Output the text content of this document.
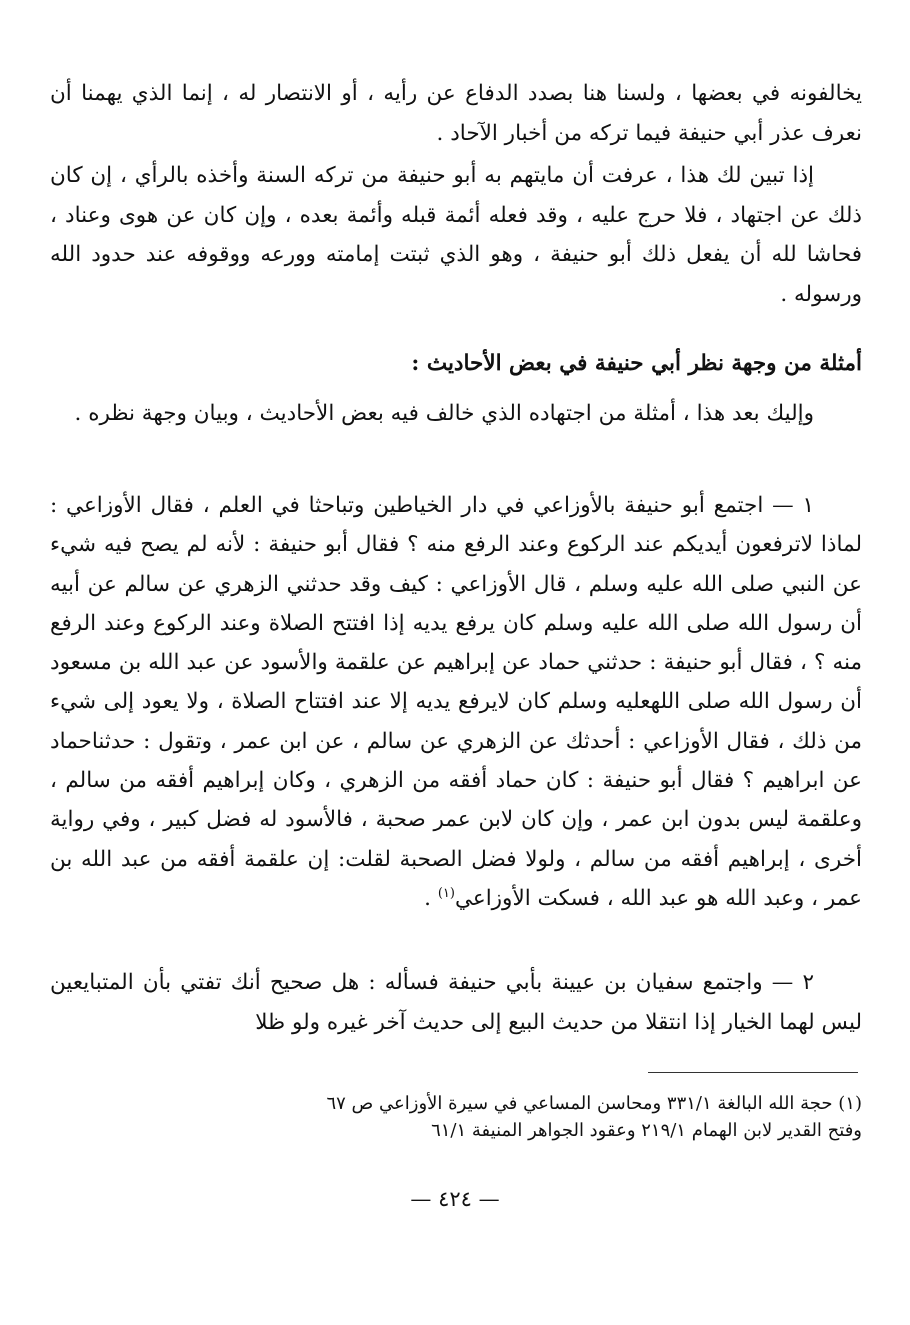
يخالفونه في بعضها ، ولسنا هنا بصدد الدفاع عن رأيه ، أو الانتصار له ، إنما الذي يهمنا أن نعرف عذر أبي حنيفة فيما تركه من أخبار الآحاد .

إذا تبين لك هذا ، عرفت أن مايتهم به أبو حنيفة من تركه السنة وأخذه بالرأي ، إن كان ذلك عن اجتهاد ، فلا حرج عليه ، وقد فعله أئمة قبله وأئمة بعده ، وإن كان عن هوى وعناد ، فحاشا لله أن يفعل ذلك أبو حنيفة ، وهو الذي ثبتت إمامته وورعه ووقوفه عند حدود الله ورسوله .

أمثلة من وجهة نظر أبي حنيفة في بعض الأحاديث :

وإليك بعد هذا ، أمثلة من اجتهاده الذي خالف فيه بعض الأحاديث ، وبيان وجهة نظره .

١ — اجتمع أبو حنيفة بالأوزاعي في دار الخياطين وتباحثا في العلم ، فقال الأوزاعي : لماذا لاترفعون أيديكم عند الركوع وعند الرفع منه ؟ فقال أبو حنيفة : لأنه لم يصح فيه شيء عن النبي صلى الله عليه وسلم ، قال الأوزاعي : كيف وقد حدثني الزهري عن سالم عن أبيه أن رسول الله صلى الله عليه وسلم كان يرفع يديه إذا افتتح الصلاة وعند الركوع وعند الرفع منه ؟ ، فقال أبو حنيفة : حدثني حماد عن إبراهيم عن علقمة والأسود عن عبد الله بن مسعود أن رسول الله صلى اللهعليه وسلم كان لايرفع يديه إلا عند افتتاح الصلاة ، ولا يعود إلى شيء من ذلك ، فقال الأوزاعي : أحدثك عن الزهري عن سالم ، عن ابن عمر ، وتقول : حدثناحماد عن ابراهيم ؟ فقال أبو حنيفة : كان حماد أفقه من الزهري ، وكان إبراهيم أفقه من سالم ، وعلقمة ليس بدون ابن عمر ، وإن كان لابن عمر صحبة ، فالأسود له فضل كبير ، وفي رواية أخرى ، إبراهيم أفقه من سالم ، ولولا فضل الصحبة لقلت: إن علقمة أفقه من عبد الله بن عمر ، وعبد الله هو عبد الله ، فسكت الأوزاعي$^{(١)}$ .

٢ — واجتمع سفيان بن عيينة بأبي حنيفة فسأله : هل صحيح أنك تفتي بأن المتبايعين ليس لهما الخيار إذا انتقلا من حديث البيع إلى حديث آخر غيره ولو ظلا

(١) حجة الله البالغة ٣٣١/١ ومحاسن المساعي في سيرة الأوزاعي ص ٦٧

وفتح القدير لابن الهمام ٢١٩/١ وعقود الجواهر المنيفة ٦١/١

— ٤٢٤ —
